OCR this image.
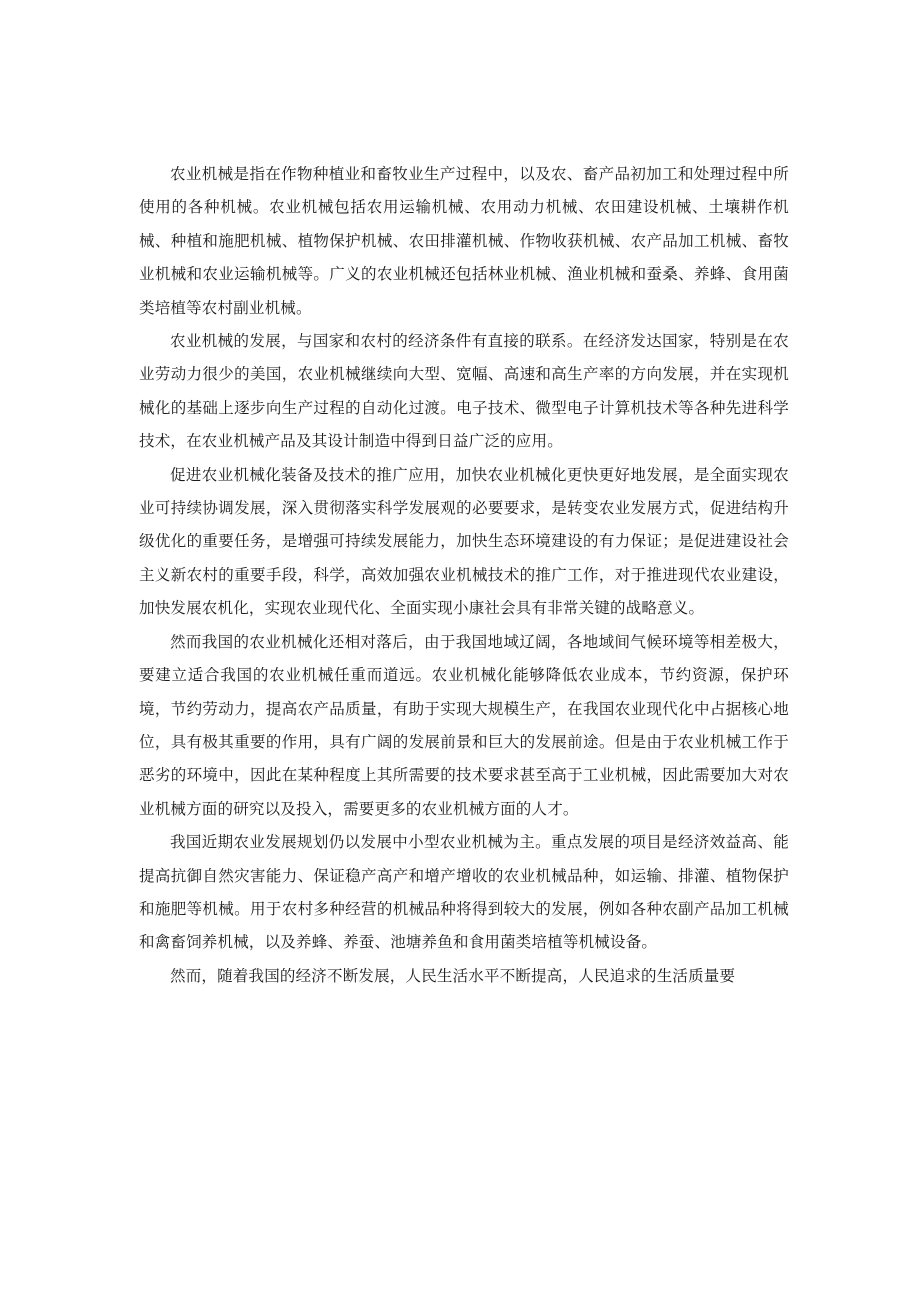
农业机械是指在作物种植业和畜牧业生产过程中，以及农、畜产品初加工和处理过程中所使用的各种机械。农业机械包括农用运输机械、农用动力机械、农田建设机械、土壤耕作机械、种植和施肥机械、植物保护机械、农田排灌机械、作物收获机械、农产品加工机械、畜牧业机械和农业运输机械等。广义的农业机械还包括林业机械、渔业机械和蚕桑、养蜂、食用菌类培植等农村副业机械。

农业机械的发展，与国家和农村的经济条件有直接的联系。在经济发达国家，特别是在农业劳动力很少的美国，农业机械继续向大型、宽幅、高速和高生产率的方向发展，并在实现机械化的基础上逐步向生产过程的自动化过渡。电子技术、微型电子计算机技术等各种先进科学技术，在农业机械产品及其设计制造中得到日益广泛的应用。

促进农业机械化装备及技术的推广应用，加快农业机械化更快更好地发展，是全面实现农业可持续协调发展，深入贯彻落实科学发展观的必要要求，是转变农业发展方式，促进结构升级优化的重要任务，是增强可持续发展能力，加快生态环境建设的有力保证；是促进建设社会主义新农村的重要手段，科学，高效加强农业机械技术的推广工作，对于推进现代农业建设，加快发展农机化，实现农业现代化、全面实现小康社会具有非常关键的战略意义。

然而我国的农业机械化还相对落后，由于我国地域辽阔，各地域间气候环境等相差极大，要建立适合我国的农业机械任重而道远。农业机械化能够降低农业成本，节约资源，保护环境，节约劳动力，提高农产品质量，有助于实现大规模生产，在我国农业现代化中占据核心地位，具有极其重要的作用，具有广阔的发展前景和巨大的发展前途。但是由于农业机械工作于恶劣的环境中，因此在某种程度上其所需要的技术要求甚至高于工业机械，因此需要加大对农业机械方面的研究以及投入，需要更多的农业机械方面的人才。

我国近期农业发展规划仍以发展中小型农业机械为主。重点发展的项目是经济效益高、能提高抗御自然灾害能力、保证稳产高产和增产增收的农业机械品种，如运输、排灌、植物保护和施肥等机械。用于农村多种经营的机械品种将得到较大的发展，例如各种农副产品加工机械和禽畜饲养机械，以及养蜂、养蚕、池塘养鱼和食用菌类培植等机械设备。

然而，随着我国的经济不断发展，人民生活水平不断提高，人民追求的生活质量要
